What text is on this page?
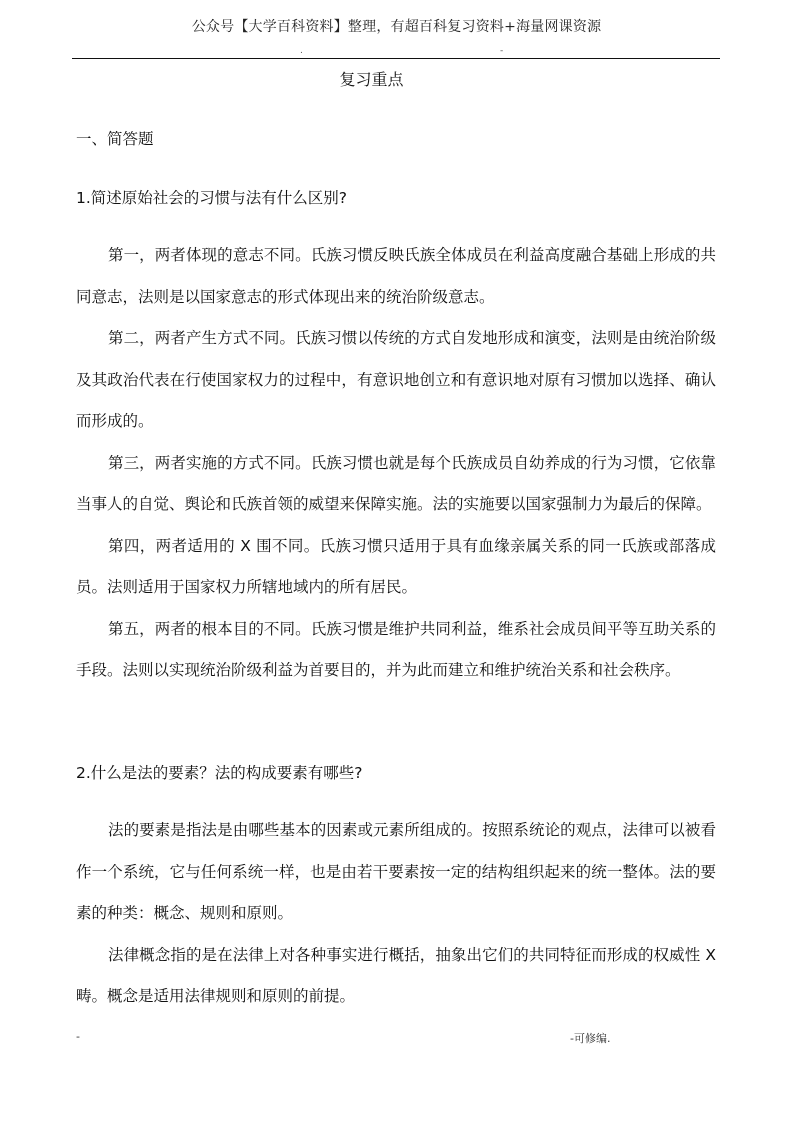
公众号【大学百科资料】整理，有超百科复习资料+海量网课资源
.	-
复习重点
一、简答题
1.简述原始社会的习惯与法有什么区别?

第一，两者体现的意志不同。氏族习惯反映氏族全体成员在利益高度融合基础上形成的共同意志，法则是以国家意志的形式体现出来的统治阶级意志。

第二，两者产生方式不同。氏族习惯以传统的方式自发地形成和演变，法则是由统治阶级及其政治代表在行使国家权力的过程中，有意识地创立和有意识地对原有习惯加以选择、确认而形成的。

第三，两者实施的方式不同。氏族习惯也就是每个氏族成员自幼养成的行为习惯，它依靠当事人的自觉、舆论和氏族首领的威望来保障实施。法的实施要以国家强制力为最后的保障。

第四，两者适用的 X 围不同。氏族习惯只适用于具有血缘亲属关系的同一氏族或部落成员。法则适用于国家权力所辖地域内的所有居民。

第五，两者的根本目的不同。氏族习惯是维护共同利益，维系社会成员间平等互助关系的手段。法则以实现统治阶级利益为首要目的，并为此而建立和维护统治关系和社会秩序。

2.什么是法的要素？法的构成要素有哪些?

法的要素是指法是由哪些基本的因素或元素所组成的。按照系统论的观点，法律可以被看作一个系统，它与任何系统一样，也是由若干要素按一定的结构组织起来的统一整体。法的要素的种类：概念、规则和原则。

法律概念指的是在法律上对各种事实进行概括，抽象出它们的共同特征而形成的权威性 X 畴。概念是适用法律规则和原则的前提。

-	-可修编.
